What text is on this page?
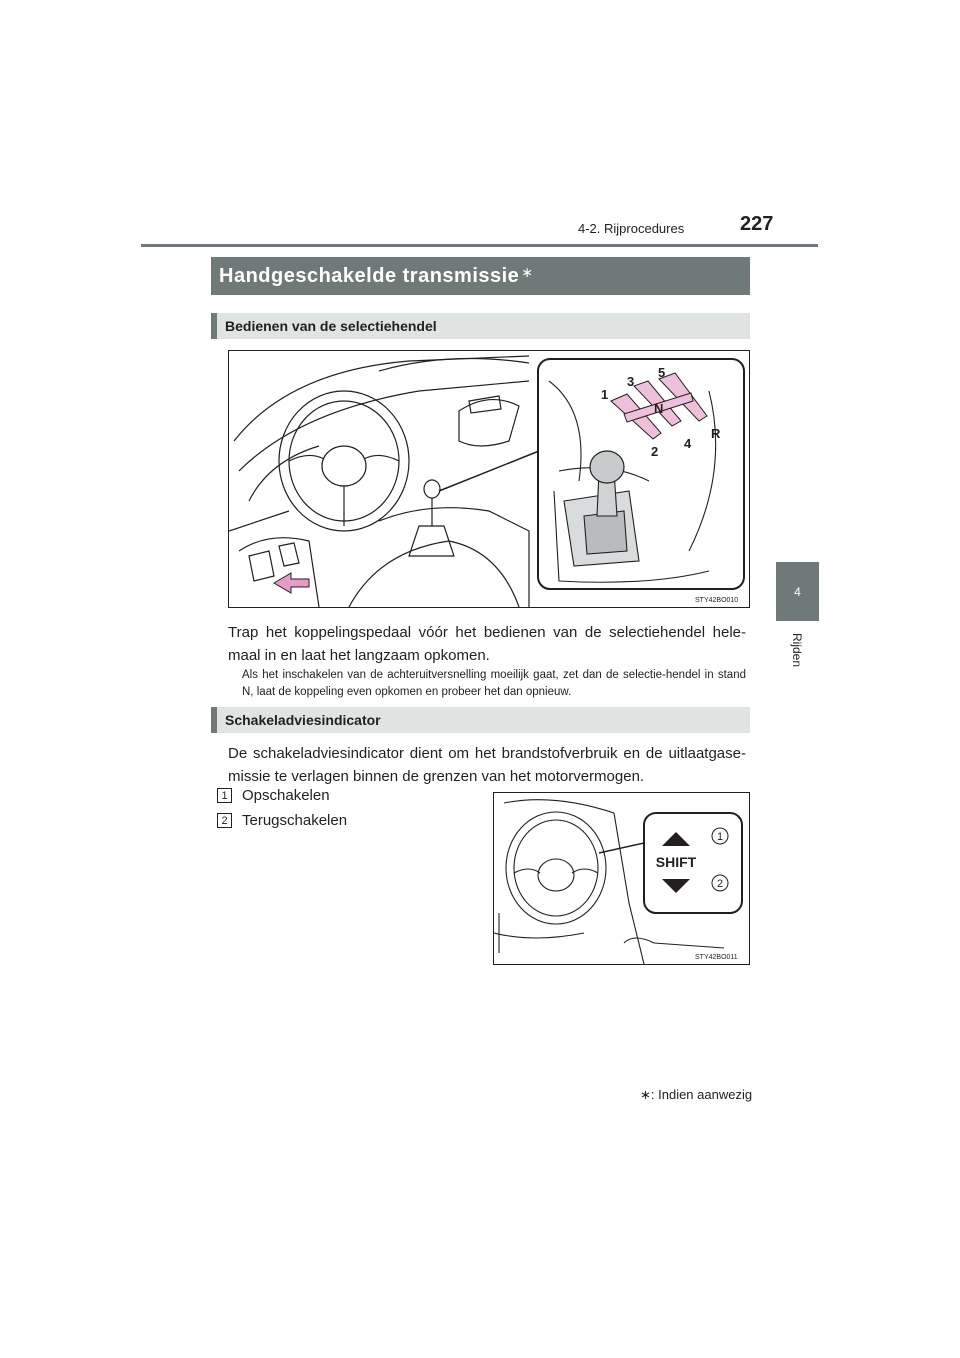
4-2. Rijprocedures	227
4
Rijden
Handgeschakelde transmissie∗
Bedienen van de selectiehendel
1
2
3
4
5
N
R
STY42BO010
Trap het koppelingspedaal vóór het bedienen van de selectiehendel hele-maal in en laat het langzaam opkomen.
Als het inschakelen van de achteruitversnelling moeilijk gaat, zet dan de selectie-hendel in stand N, laat de koppeling even opkomen en probeer het dan opnieuw.
Schakeladviesindicator
De schakeladviesindicator dient om het brandstofverbruik en de uitlaatgase-missie te verlagen binnen de grenzen van het motorvermogen.
1 Opschakelen
2 Terugschakelen
SHIFT
1
2
STY42BO011
∗: Indien aanwezig
